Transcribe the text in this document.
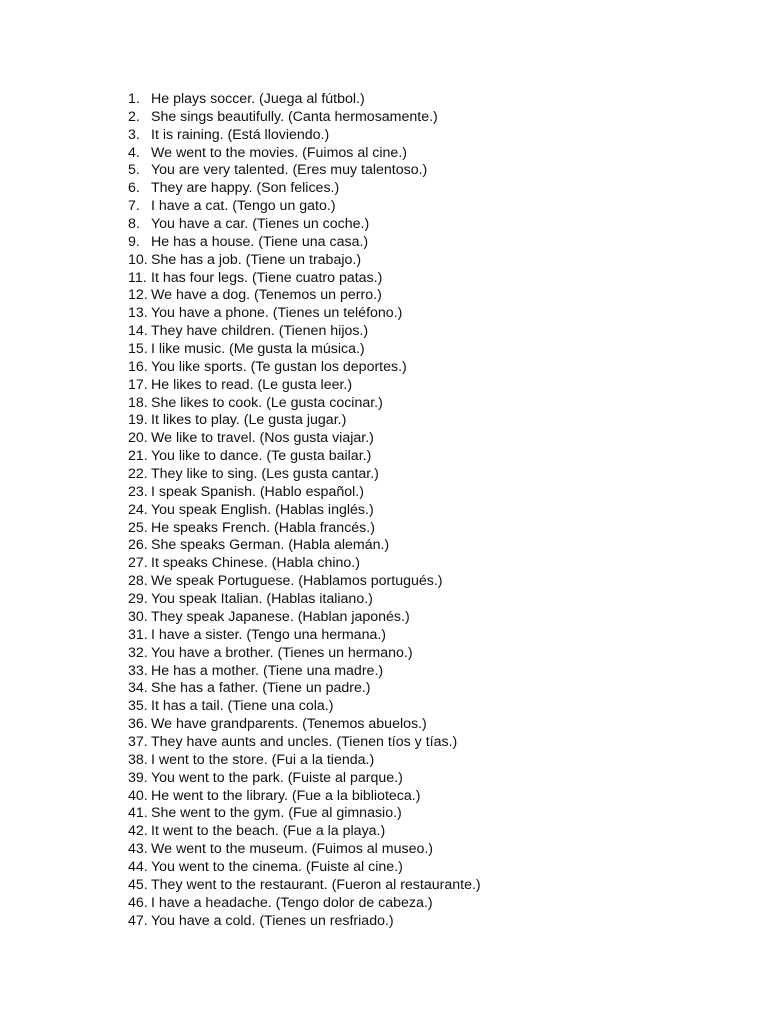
1. He plays soccer. (Juega al fútbol.)
2. She sings beautifully. (Canta hermosamente.)
3. It is raining. (Está lloviendo.)
4. We went to the movies. (Fuimos al cine.)
5. You are very talented. (Eres muy talentoso.)
6. They are happy. (Son felices.)
7. I have a cat. (Tengo un gato.)
8. You have a car. (Tienes un coche.)
9. He has a house. (Tiene una casa.)
10. She has a job. (Tiene un trabajo.)
11. It has four legs. (Tiene cuatro patas.)
12. We have a dog. (Tenemos un perro.)
13. You have a phone. (Tienes un teléfono.)
14. They have children. (Tienen hijos.)
15. I like music. (Me gusta la música.)
16. You like sports. (Te gustan los deportes.)
17. He likes to read. (Le gusta leer.)
18. She likes to cook. (Le gusta cocinar.)
19. It likes to play. (Le gusta jugar.)
20. We like to travel. (Nos gusta viajar.)
21. You like to dance. (Te gusta bailar.)
22. They like to sing. (Les gusta cantar.)
23. I speak Spanish. (Hablo español.)
24. You speak English. (Hablas inglés.)
25. He speaks French. (Habla francés.)
26. She speaks German. (Habla alemán.)
27. It speaks Chinese. (Habla chino.)
28. We speak Portuguese. (Hablamos portugués.)
29. You speak Italian. (Hablas italiano.)
30. They speak Japanese. (Hablan japonés.)
31. I have a sister. (Tengo una hermana.)
32. You have a brother. (Tienes un hermano.)
33. He has a mother. (Tiene una madre.)
34. She has a father. (Tiene un padre.)
35. It has a tail. (Tiene una cola.)
36. We have grandparents. (Tenemos abuelos.)
37. They have aunts and uncles. (Tienen tíos y tías.)
38. I went to the store. (Fui a la tienda.)
39. You went to the park. (Fuiste al parque.)
40. He went to the library. (Fue a la biblioteca.)
41. She went to the gym. (Fue al gimnasio.)
42. It went to the beach. (Fue a la playa.)
43. We went to the museum. (Fuimos al museo.)
44. You went to the cinema. (Fuiste al cine.)
45. They went to the restaurant. (Fueron al restaurante.)
46. I have a headache. (Tengo dolor de cabeza.)
47. You have a cold. (Tienes un resfriado.)
